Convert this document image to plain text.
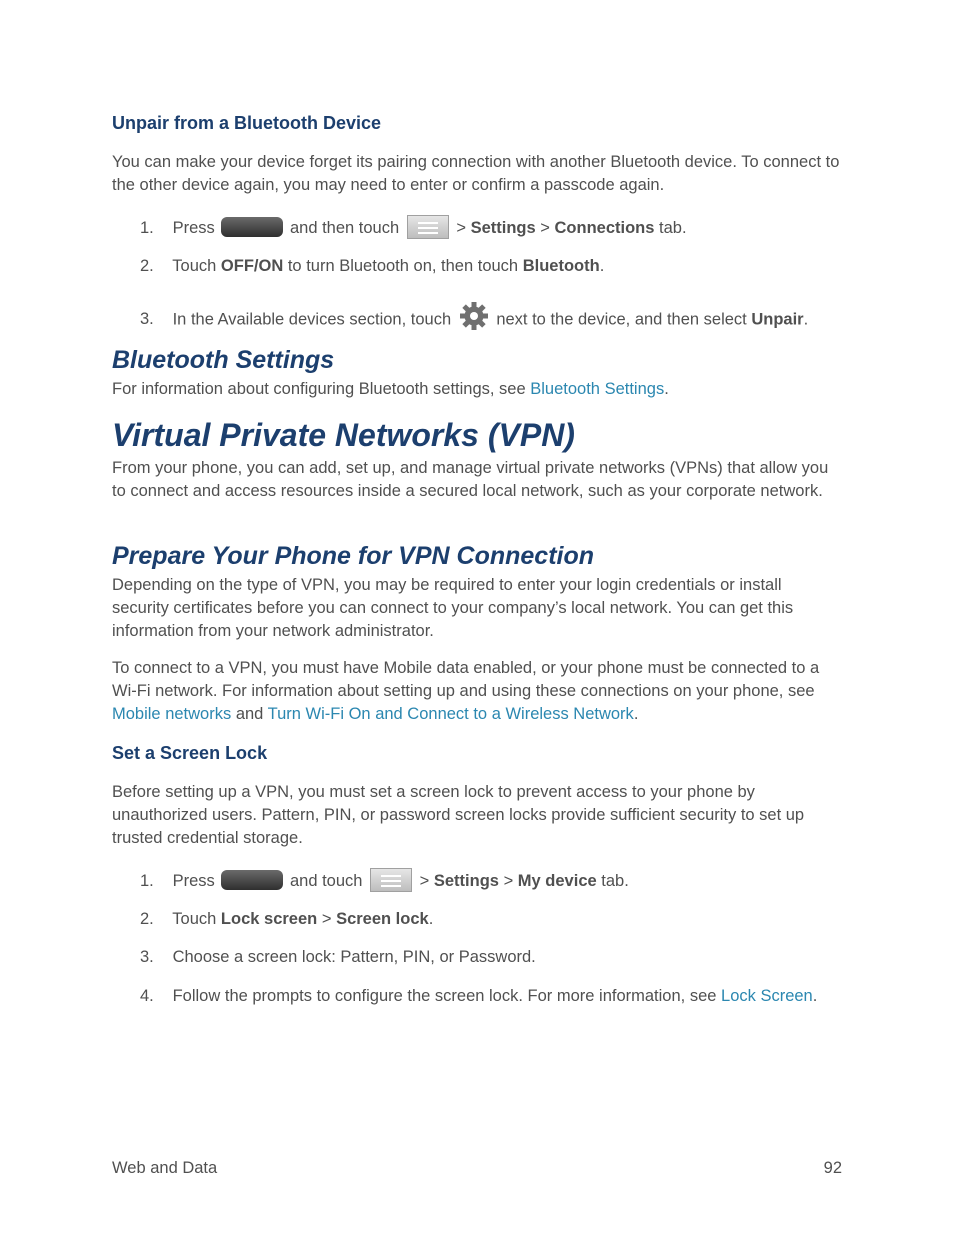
Unpair from a Bluetooth Device

You can make your device forget its pairing connection with another Bluetooth device. To connect to the other device again, you may need to enter or confirm a passcode again.

1. Press	and then touch	> Settings > Connections tab.
2. Touch OFF/ON to turn Bluetooth on, then touch Bluetooth.
3. In the Available devices section, touch	next to the device, and then select Unpair.
Bluetooth Settings

For information about configuring Bluetooth settings, see Bluetooth Settings.

Virtual Private Networks (VPN)

From your phone, you can add, set up, and manage virtual private networks (VPNs) that allow you to connect and access resources inside a secured local network, such as your corporate network.

Prepare Your Phone for VPN Connection

Depending on the type of VPN, you may be required to enter your login credentials or install security certificates before you can connect to your company’s local network. You can get this information from your network administrator.

To connect to a VPN, you must have Mobile data enabled, or your phone must be connected to a Wi-Fi network. For information about setting up and using these connections on your phone, see Mobile networks and Turn Wi-Fi On and Connect to a Wireless Network.

Set a Screen Lock

Before setting up a VPN, you must set a screen lock to prevent access to your phone by unauthorized users. Pattern, PIN, or password screen locks provide sufficient security to set up trusted credential storage.

1. Press	and touch	> Settings > My device tab.
2. Touch Lock screen > Screen lock.
3. Choose a screen lock: Pattern, PIN, or Password.
4. Follow the prompts to configure the screen lock. For more information, see Lock Screen.
Web and Data	92
